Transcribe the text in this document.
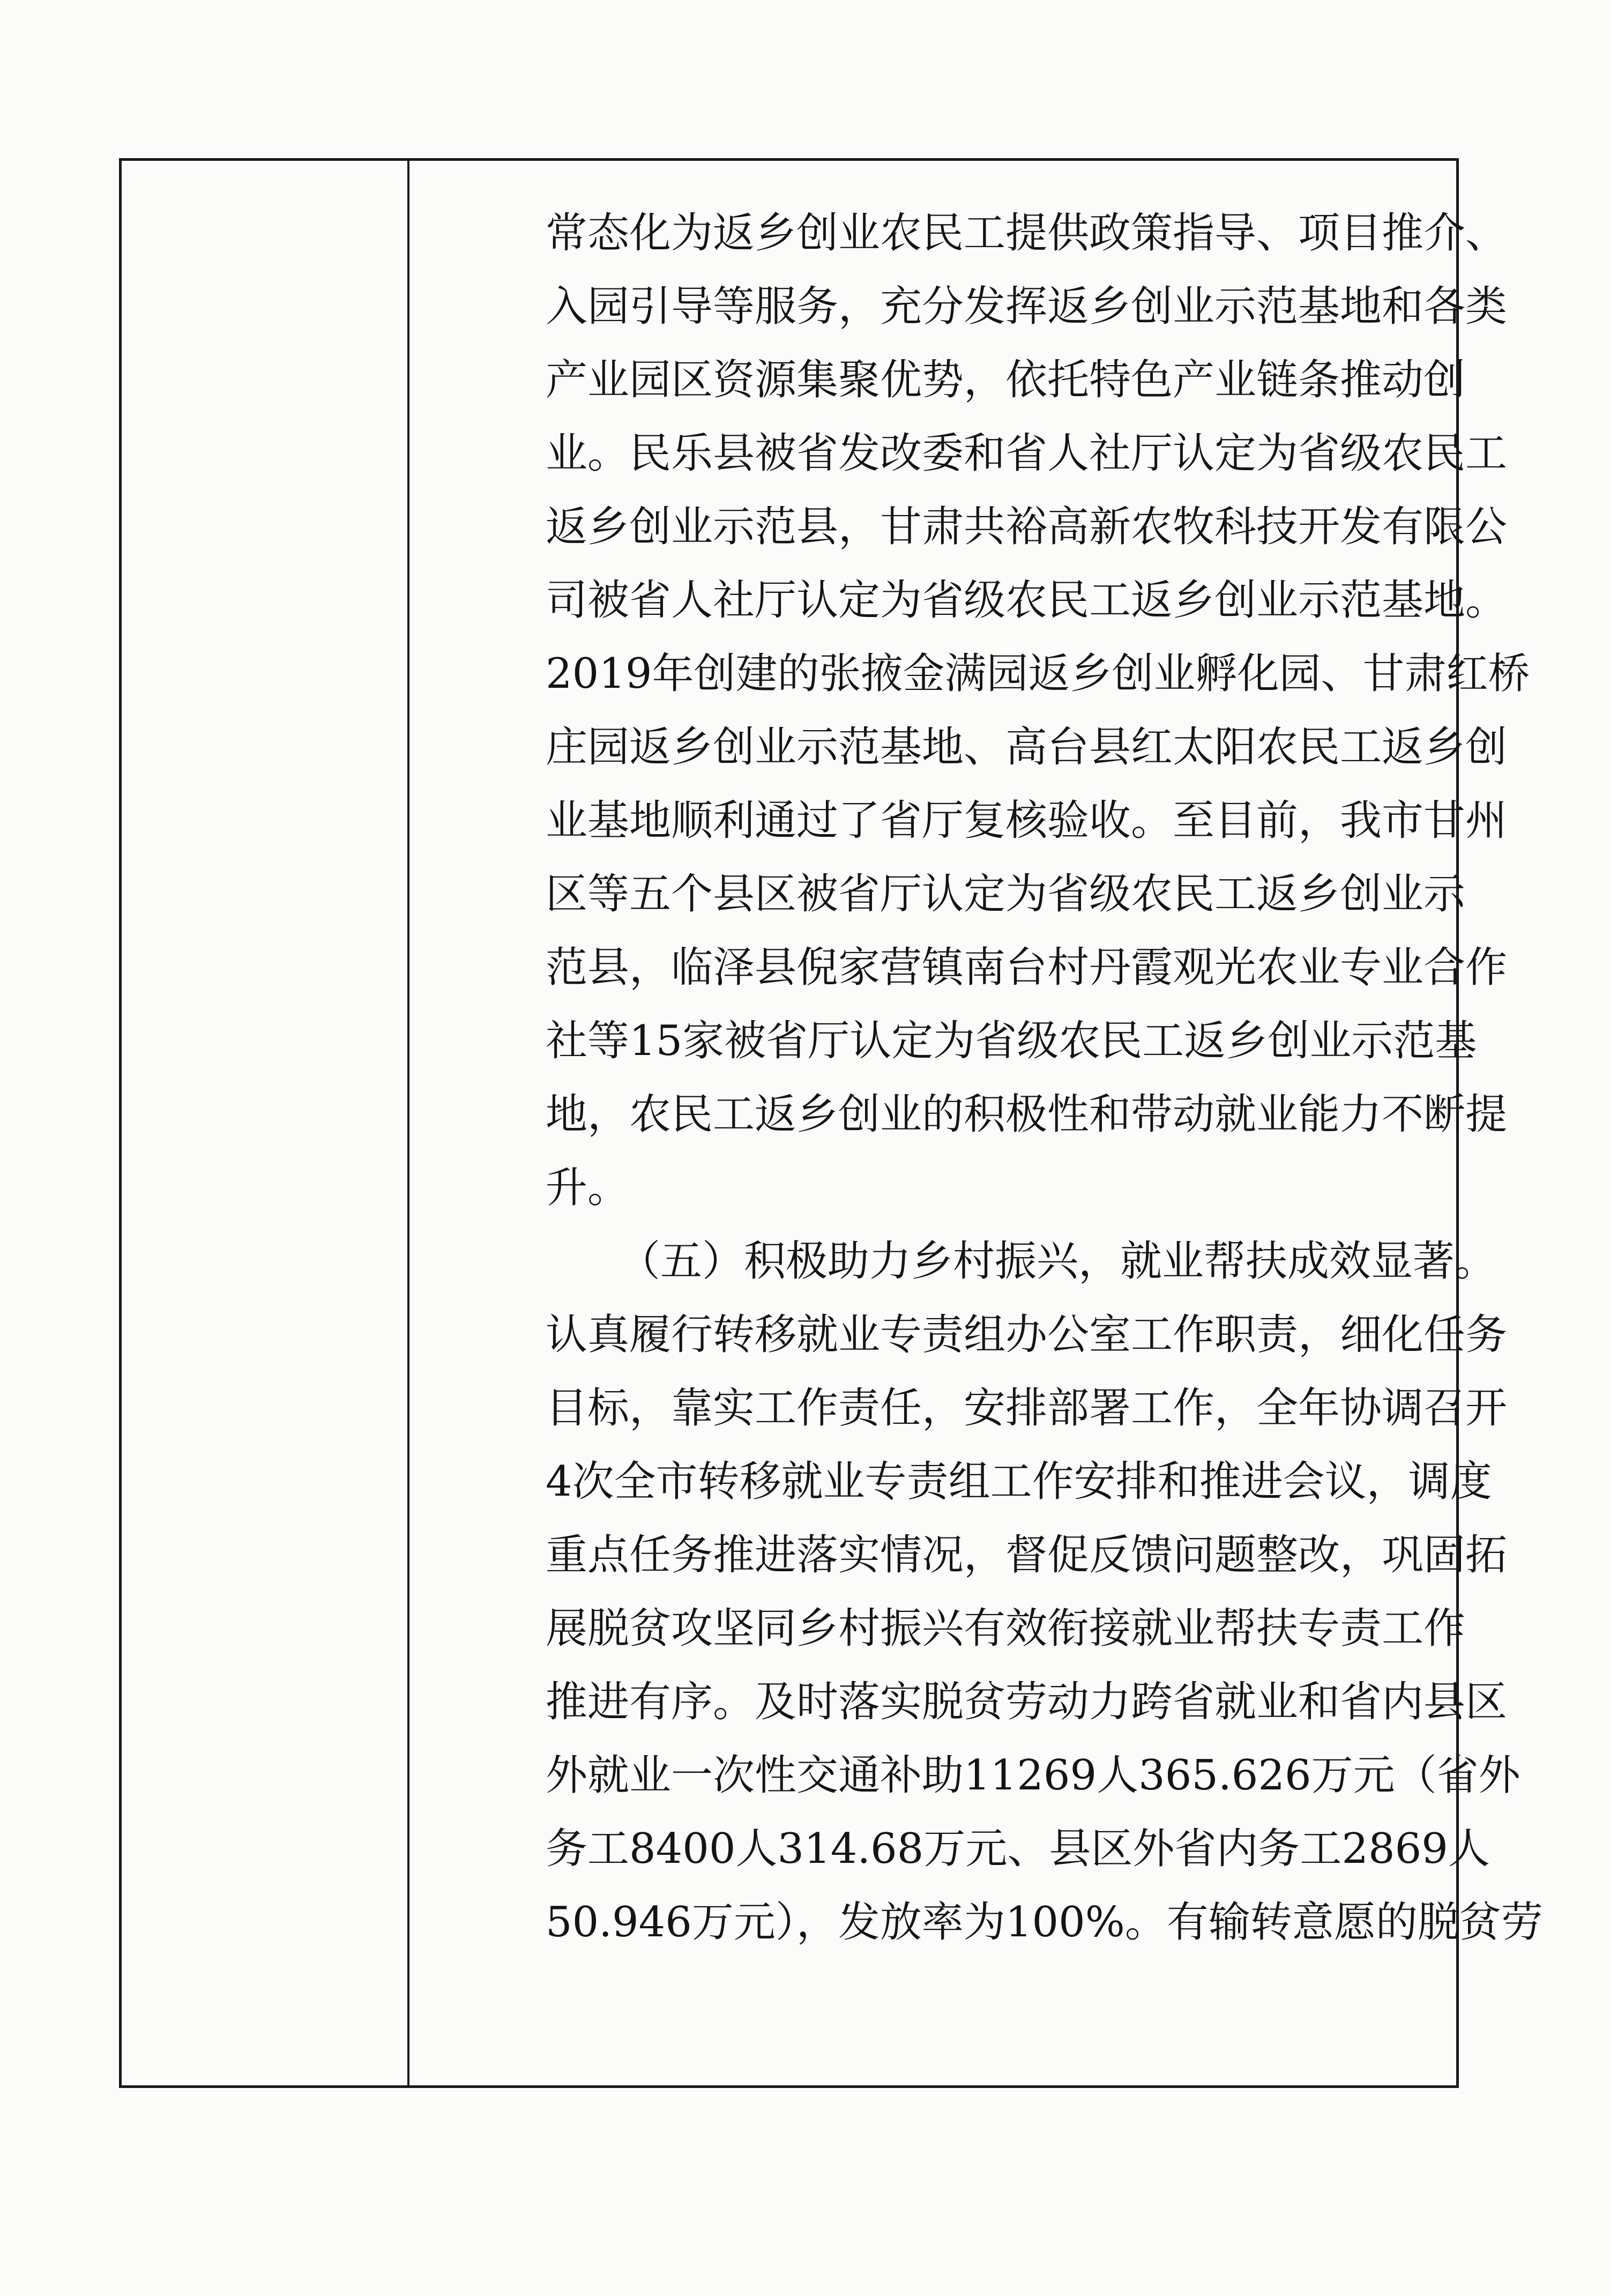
常态化为返乡创业农民工提供政策指导、项目推介、
入园引导等服务，充分发挥返乡创业示范基地和各类
产业园区资源集聚优势，依托特色产业链条推动创
业。民乐县被省发改委和省人社厅认定为省级农民工
返乡创业示范县，甘肃共裕高新农牧科技开发有限公
司被省人社厅认定为省级农民工返乡创业示范基地。
2019年创建的张掖金满园返乡创业孵化园、甘肃红桥
庄园返乡创业示范基地、高台县红太阳农民工返乡创
业基地顺利通过了省厅复核验收。至目前，我市甘州
区等五个县区被省厅认定为省级农民工返乡创业示
范县，临泽县倪家营镇南台村丹霞观光农业专业合作
社等15家被省厅认定为省级农民工返乡创业示范基
地，农民工返乡创业的积极性和带动就业能力不断提
升。
（五）积极助力乡村振兴，就业帮扶成效显著。
认真履行转移就业专责组办公室工作职责，细化任务
目标，靠实工作责任，安排部署工作，全年协调召开
4次全市转移就业专责组工作安排和推进会议，调度
重点任务推进落实情况，督促反馈问题整改，巩固拓
展脱贫攻坚同乡村振兴有效衔接就业帮扶专责工作
推进有序。及时落实脱贫劳动力跨省就业和省内县区
外就业一次性交通补助11269人365.626万元（省外
务工8400人314.68万元、县区外省内务工2869人
50.946万元），发放率为100%。有输转意愿的脱贫劳
